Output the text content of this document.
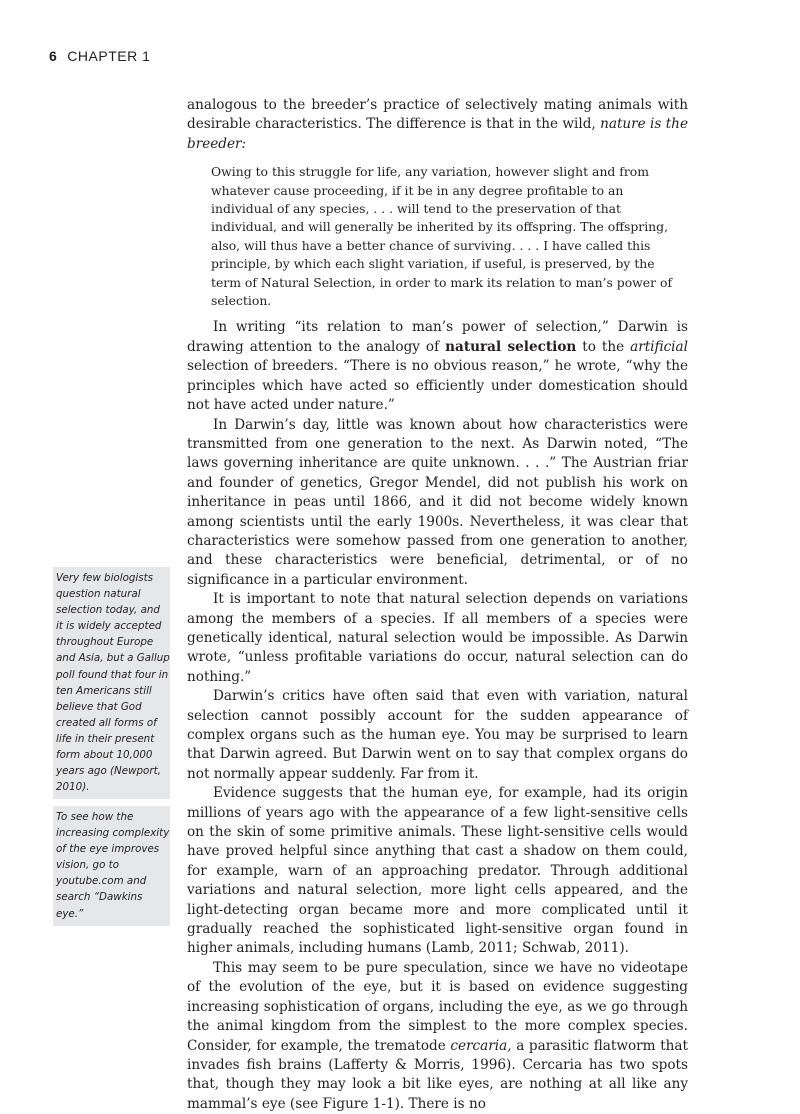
6 CHAPTER 1

analogous to the breeder’s practice of selectively mating animals with desirable characteristics. The difference is that in the wild, nature is the breeder:

Owing to this struggle for life, any variation, however slight and from whatever cause proceeding, if it be in any degree profitable to an individual of any species, . . . will tend to the preservation of that individual, and will generally be inherited by its offspring. The offspring, also, will thus have a better chance of surviving. . . . I have called this principle, by which each slight variation, if useful, is preserved, by the term of Natural Selection, in order to mark its relation to man’s power of selection.

In writing “its relation to man’s power of selection,” Darwin is drawing attention to the analogy of natural selection to the artificial selection of breeders. “There is no obvious reason,” he wrote, “why the principles which have acted so efficiently under domestication should not have acted under nature.”

In Darwin’s day, little was known about how characteristics were transmitted from one generation to the next. As Darwin noted, “The laws governing inheritance are quite unknown. . . .” The Austrian friar and founder of genetics, Gregor Mendel, did not publish his work on inheritance in peas until 1866, and it did not become widely known among scientists until the early 1900s. Nevertheless, it was clear that characteristics were somehow passed from one generation to another, and these characteristics were beneficial, detrimental, or of no significance in a particular environment.

It is important to note that natural selection depends on variations among the members of a species. If all members of a species were genetically identical, natural selection would be impossible. As Darwin wrote, “unless profitable variations do occur, natural selection can do nothing.”

Darwin’s critics have often said that even with variation, natural selection cannot possibly account for the sudden appearance of complex organs such as the human eye. You may be surprised to learn that Darwin agreed. But Darwin went on to say that complex organs do not normally appear suddenly. Far from it.

Evidence suggests that the human eye, for example, had its origin millions of years ago with the appearance of a few light-sensitive cells on the skin of some primitive animals. These light-sensitive cells would have proved helpful since anything that cast a shadow on them could, for example, warn of an approaching predator. Through additional variations and natural selection, more light cells appeared, and the light-detecting organ became more and more complicated until it gradually reached the sophisticated light-sensitive organ found in higher animals, including humans (Lamb, 2011; Schwab, 2011).

This may seem to be pure speculation, since we have no videotape of the evolution of the eye, but it is based on evidence suggesting increasing sophistication of organs, including the eye, as we go through the animal kingdom from the simplest to the more complex species. Consider, for example, the trematode cercaria, a parasitic flatworm that invades fish brains (Lafferty & Morris, 1996). Cercaria has two spots that, though they may look a bit like eyes, are nothing at all like any mammal’s eye (see Figure 1-1). There is no

Very few biologists question natural selection today, and it is widely accepted throughout Europe and Asia, but a Gallup poll found that four in ten Americans still believe that God created all forms of life in their present form about 10,000 years ago (Newport, 2010).
To see how the increasing complexity of the eye improves vision, go to youtube.com and search “Dawkins eye.”
